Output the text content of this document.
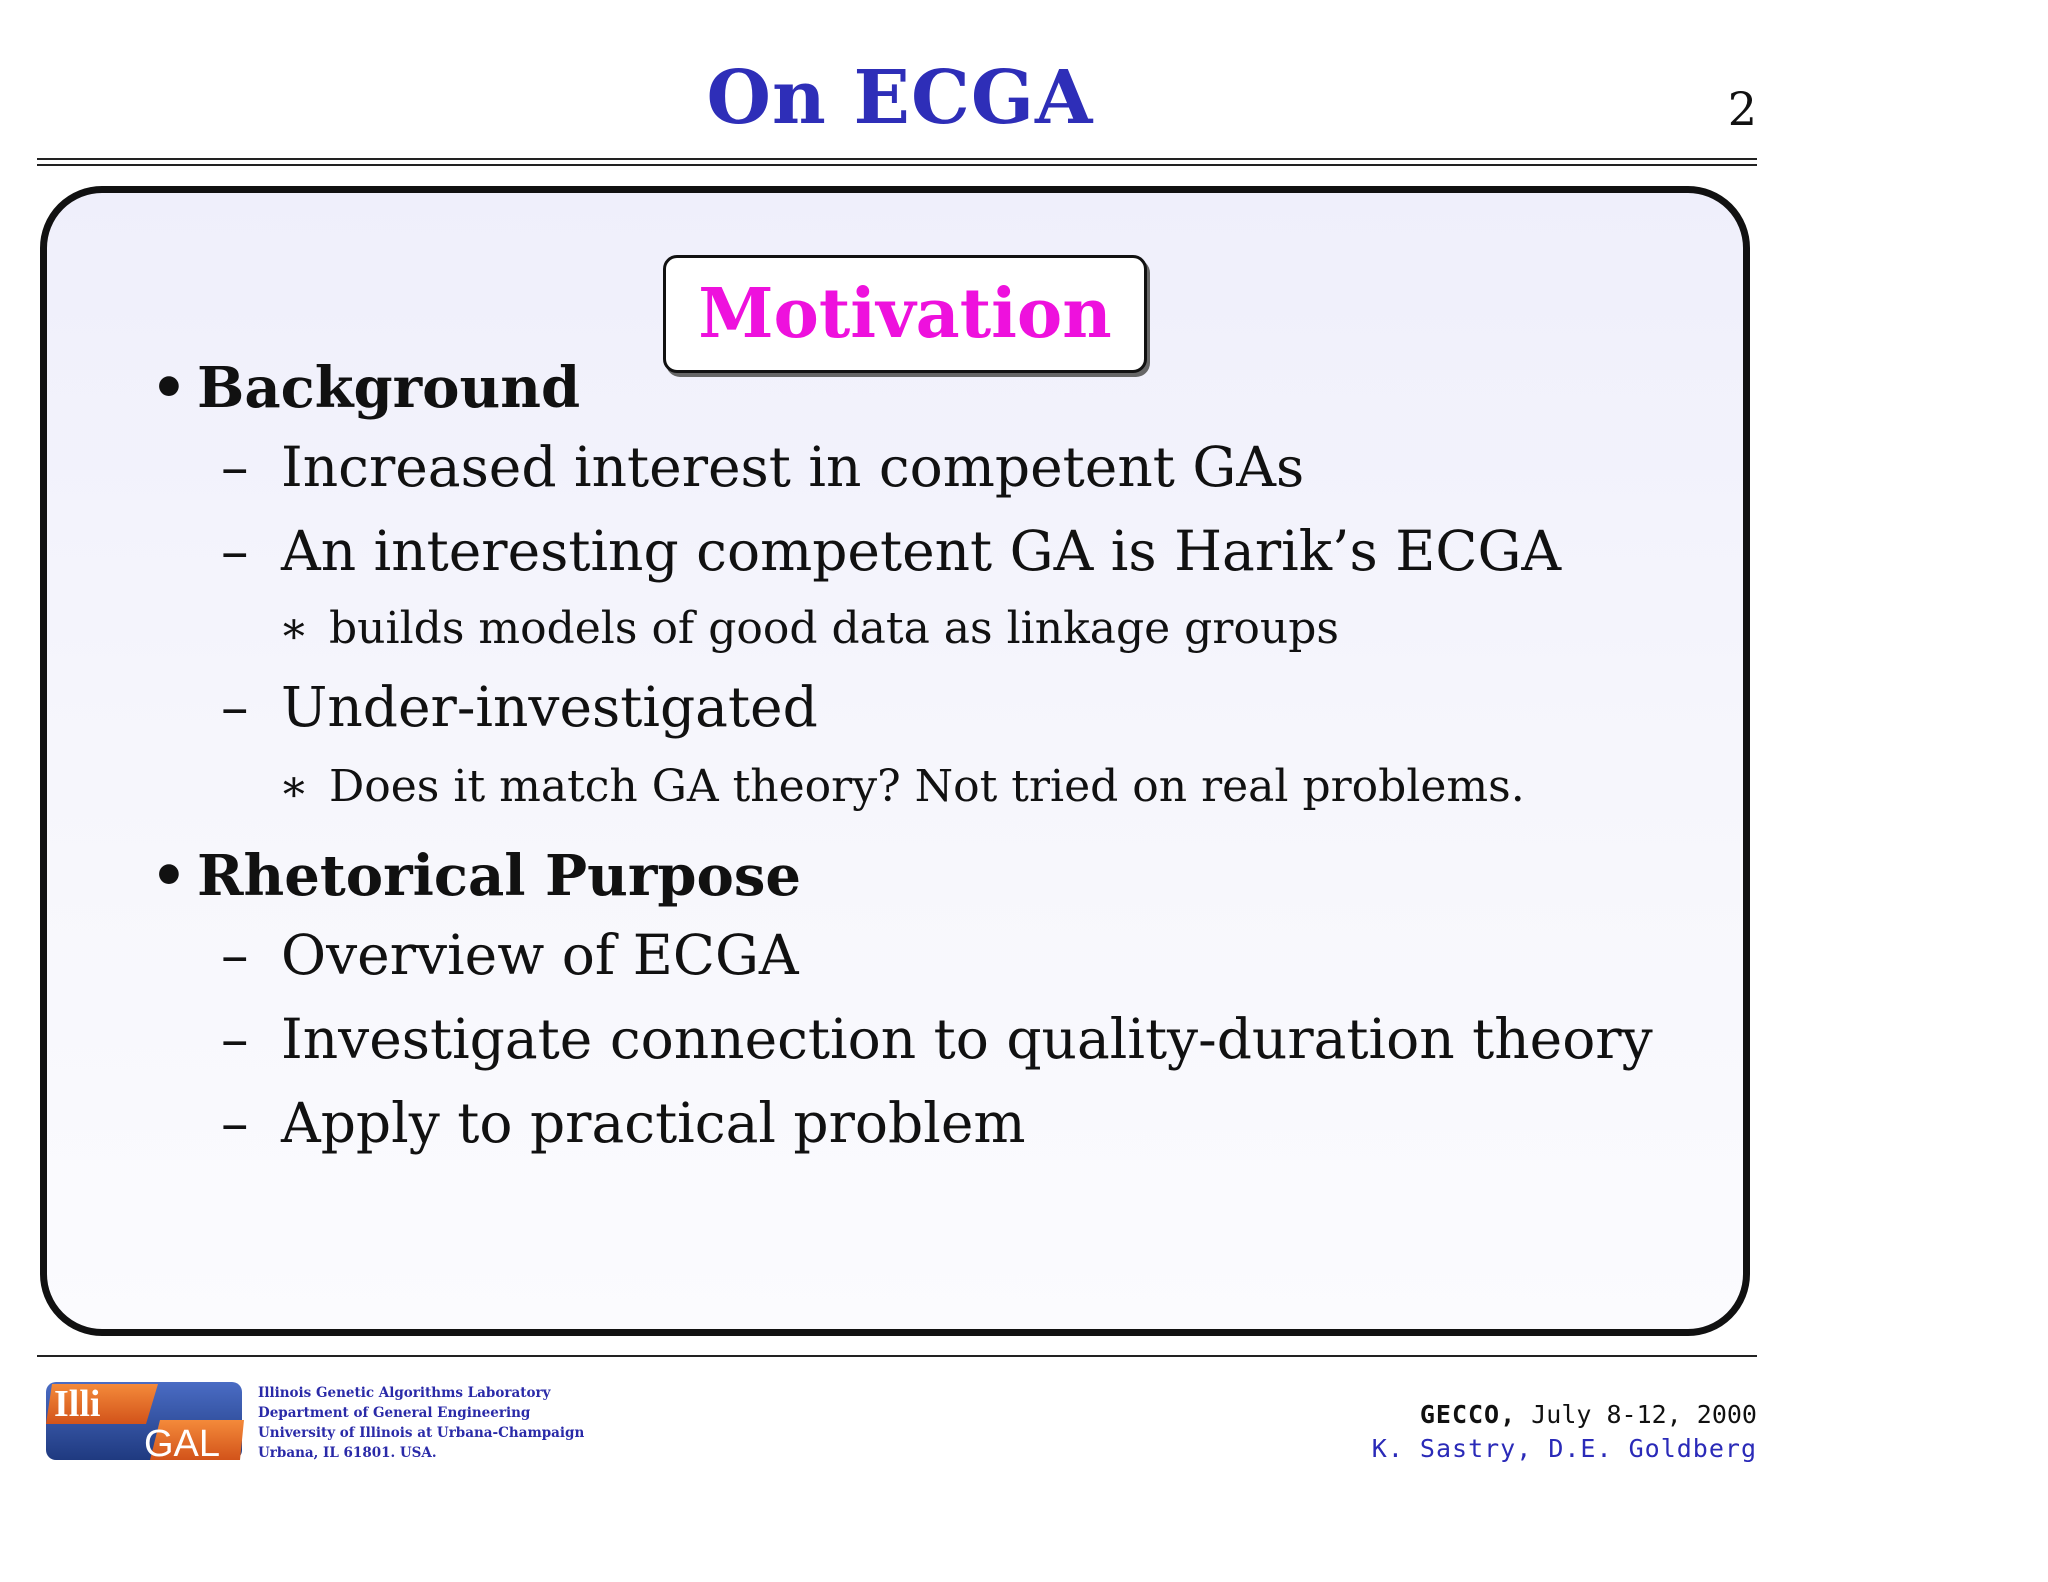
On ECGA	2
Motivation
• Background
– Increased interest in competent GAs
– An interesting competent GA is Harik’s ECGA
∗ builds models of good data as linkage groups
– Under-investigated
∗ Does it match GA theory? Not tried on real problems.
• Rhetorical Purpose
– Overview of ECGA
– Investigate connection to quality-duration theory
– Apply to practical problem
Illi
GAL
Illinois Genetic Algorithms Laboratory
Department of General Engineering
University of Illinois at Urbana-Champaign
Urbana, IL 61801. USA.
GECCO, July 8-12, 2000
K. Sastry, D.E. Goldberg
